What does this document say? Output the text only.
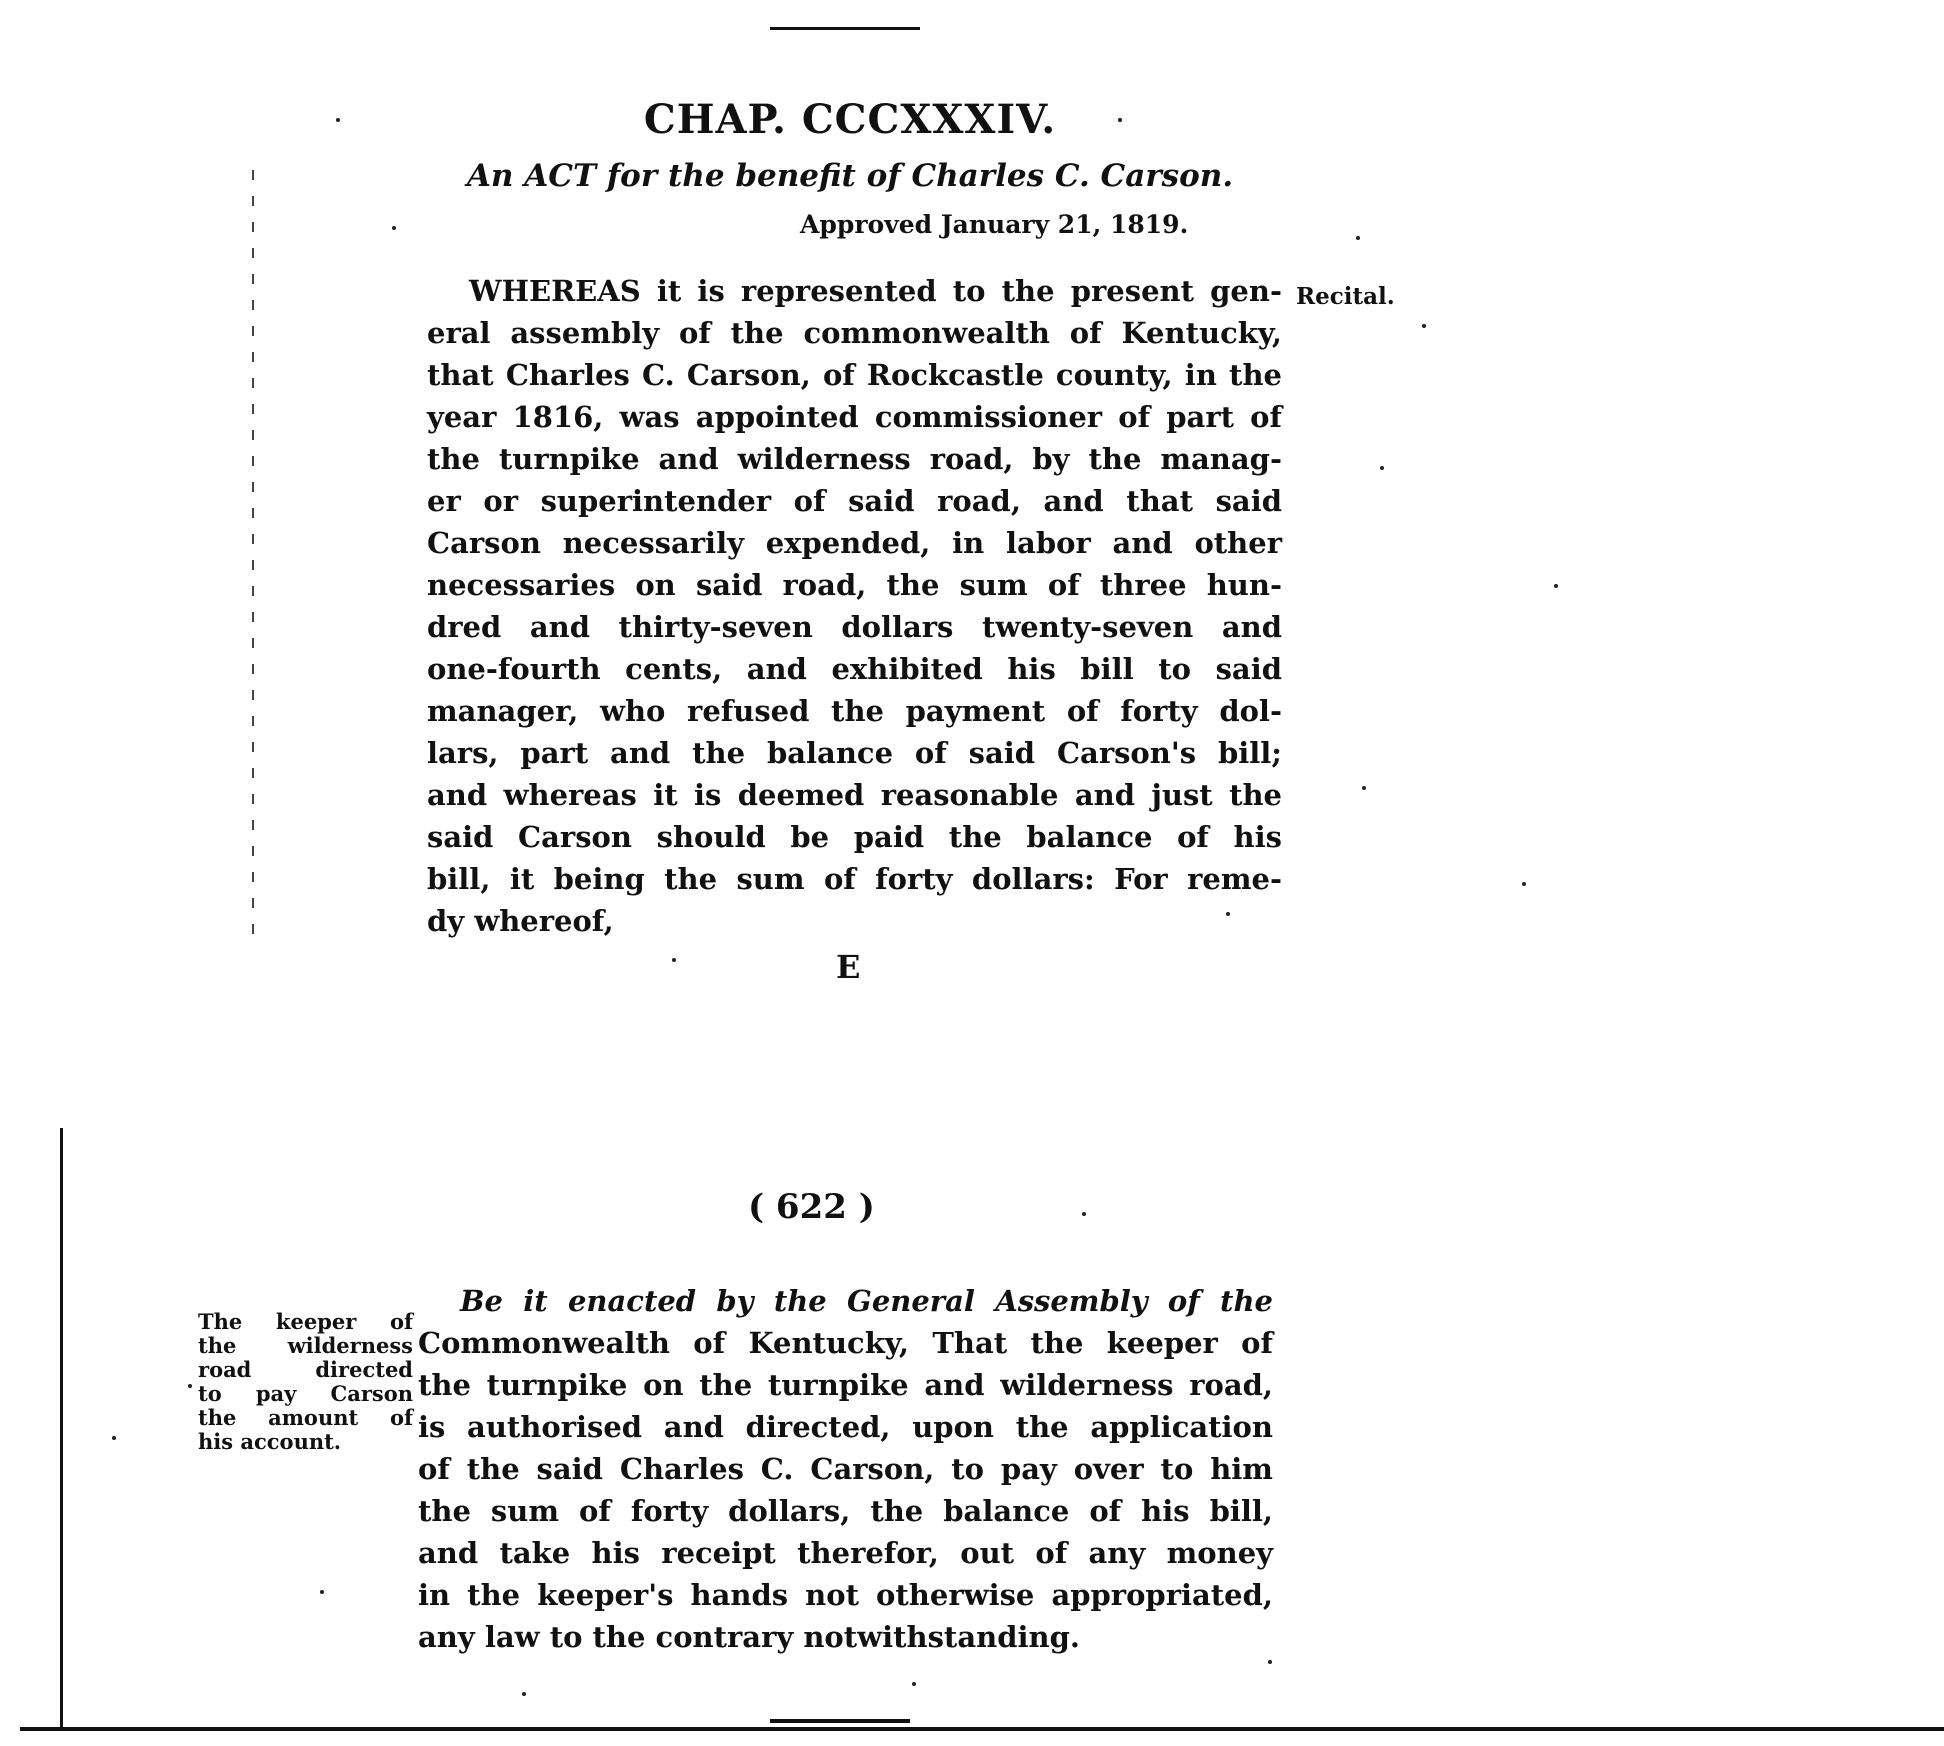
CHAP. CCCXXXIV.
An ACT for the benefit of Charles C. Carson.
Approved January 21, 1819.
Recital.
WHEREAS it is represented to the present gen-
eral assembly of the commonwealth of Kentucky,
that Charles C. Carson, of Rockcastle county, in the
year 1816, was appointed commissioner of part of
the turnpike and wilderness road, by the manag-
er or superintender of said road, and that said
Carson necessarily expended, in labor and other
necessaries on said road, the sum of three hun-
dred and thirty-seven dollars twenty-seven and
one-fourth cents, and exhibited his bill to said
manager, who refused the payment of forty dol-
lars, part and the balance of said Carson's bill;
and whereas it is deemed reasonable and just the
said Carson should be paid the balance of his
bill, it being the sum of forty dollars: For reme-
dy whereof,
E
( 622 )
The keeper of
the wilderness
road directed
to pay Carson
the amount of
his account.
Be it enacted by the General Assembly of the
Commonwealth of Kentucky, That the keeper of
the turnpike on the turnpike and wilderness road,
is authorised and directed, upon the application
of the said Charles C. Carson, to pay over to him
the sum of forty dollars, the balance of his bill,
and take his receipt therefor, out of any money
in the keeper's hands not otherwise appropriated,
any law to the contrary notwithstanding.
